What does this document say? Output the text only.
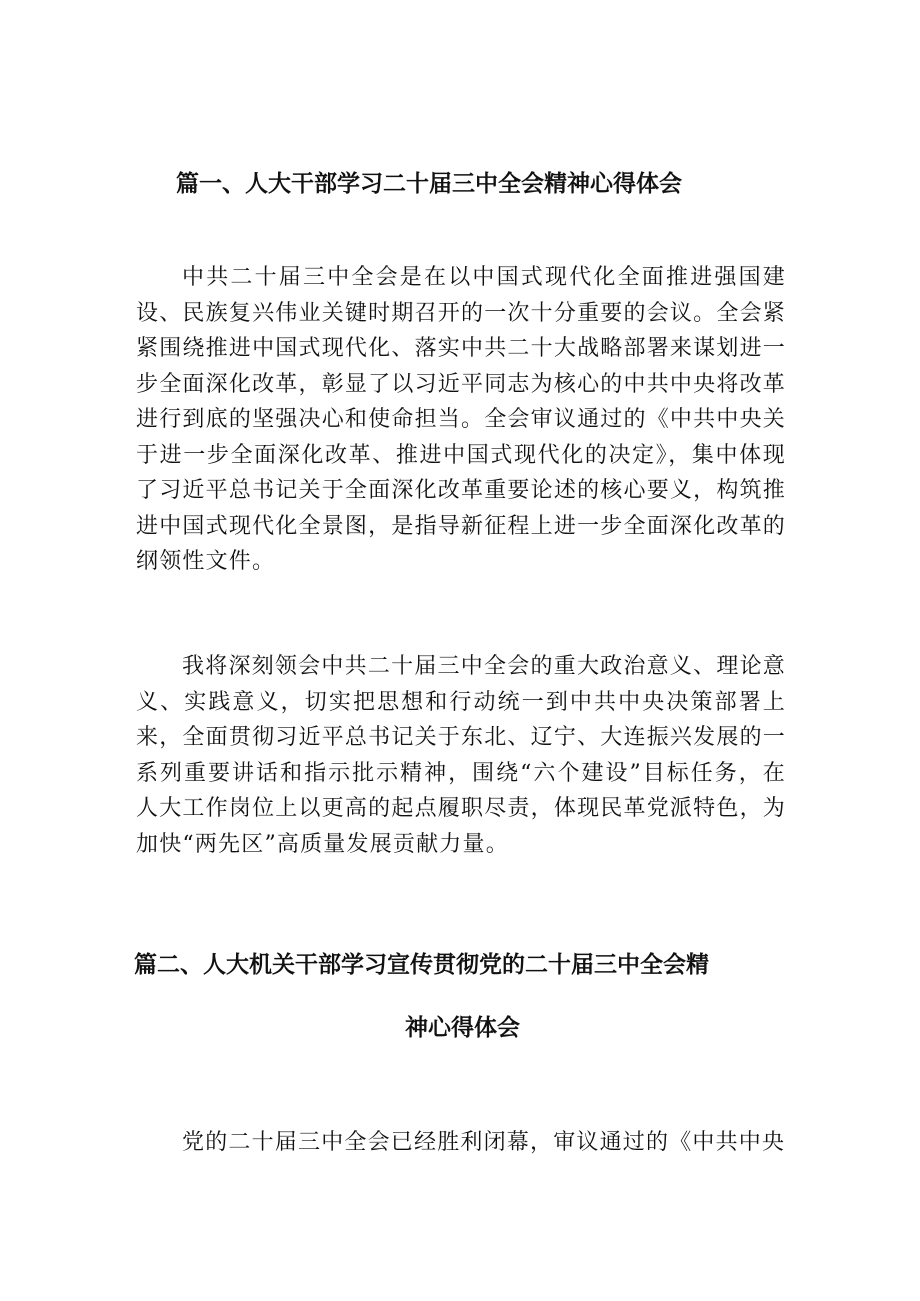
篇一、人大干部学习二十届三中全会精神心得体会

中共二十届三中全会是在以中国式现代化全面推进强国建设、民族复兴伟业关键时期召开的一次十分重要的会议。全会紧紧围绕推进中国式现代化、落实中共二十大战略部署来谋划进一步全面深化改革，彰显了以习近平同志为核心的中共中央将改革进行到底的坚强决心和使命担当。全会审议通过的《中共中央关于进一步全面深化改革、推进中国式现代化的决定》，集中体现了习近平总书记关于全面深化改革重要论述的核心要义，构筑推进中国式现代化全景图，是指导新征程上进一步全面深化改革的纲领性文件。

我将深刻领会中共二十届三中全会的重大政治意义、理论意义、实践意义，切实把思想和行动统一到中共中央决策部署上来，全面贯彻习近平总书记关于东北、辽宁、大连振兴发展的一系列重要讲话和指示批示精神，围绕“六个建设”目标任务，在人大工作岗位上以更高的起点履职尽责，体现民革党派特色，为加快“两先区”高质量发展贡献力量。

篇二、人大机关干部学习宣传贯彻党的二十届三中全会精
神心得体会

党的二十届三中全会已经胜利闭幕，审议通过的《中共中央
